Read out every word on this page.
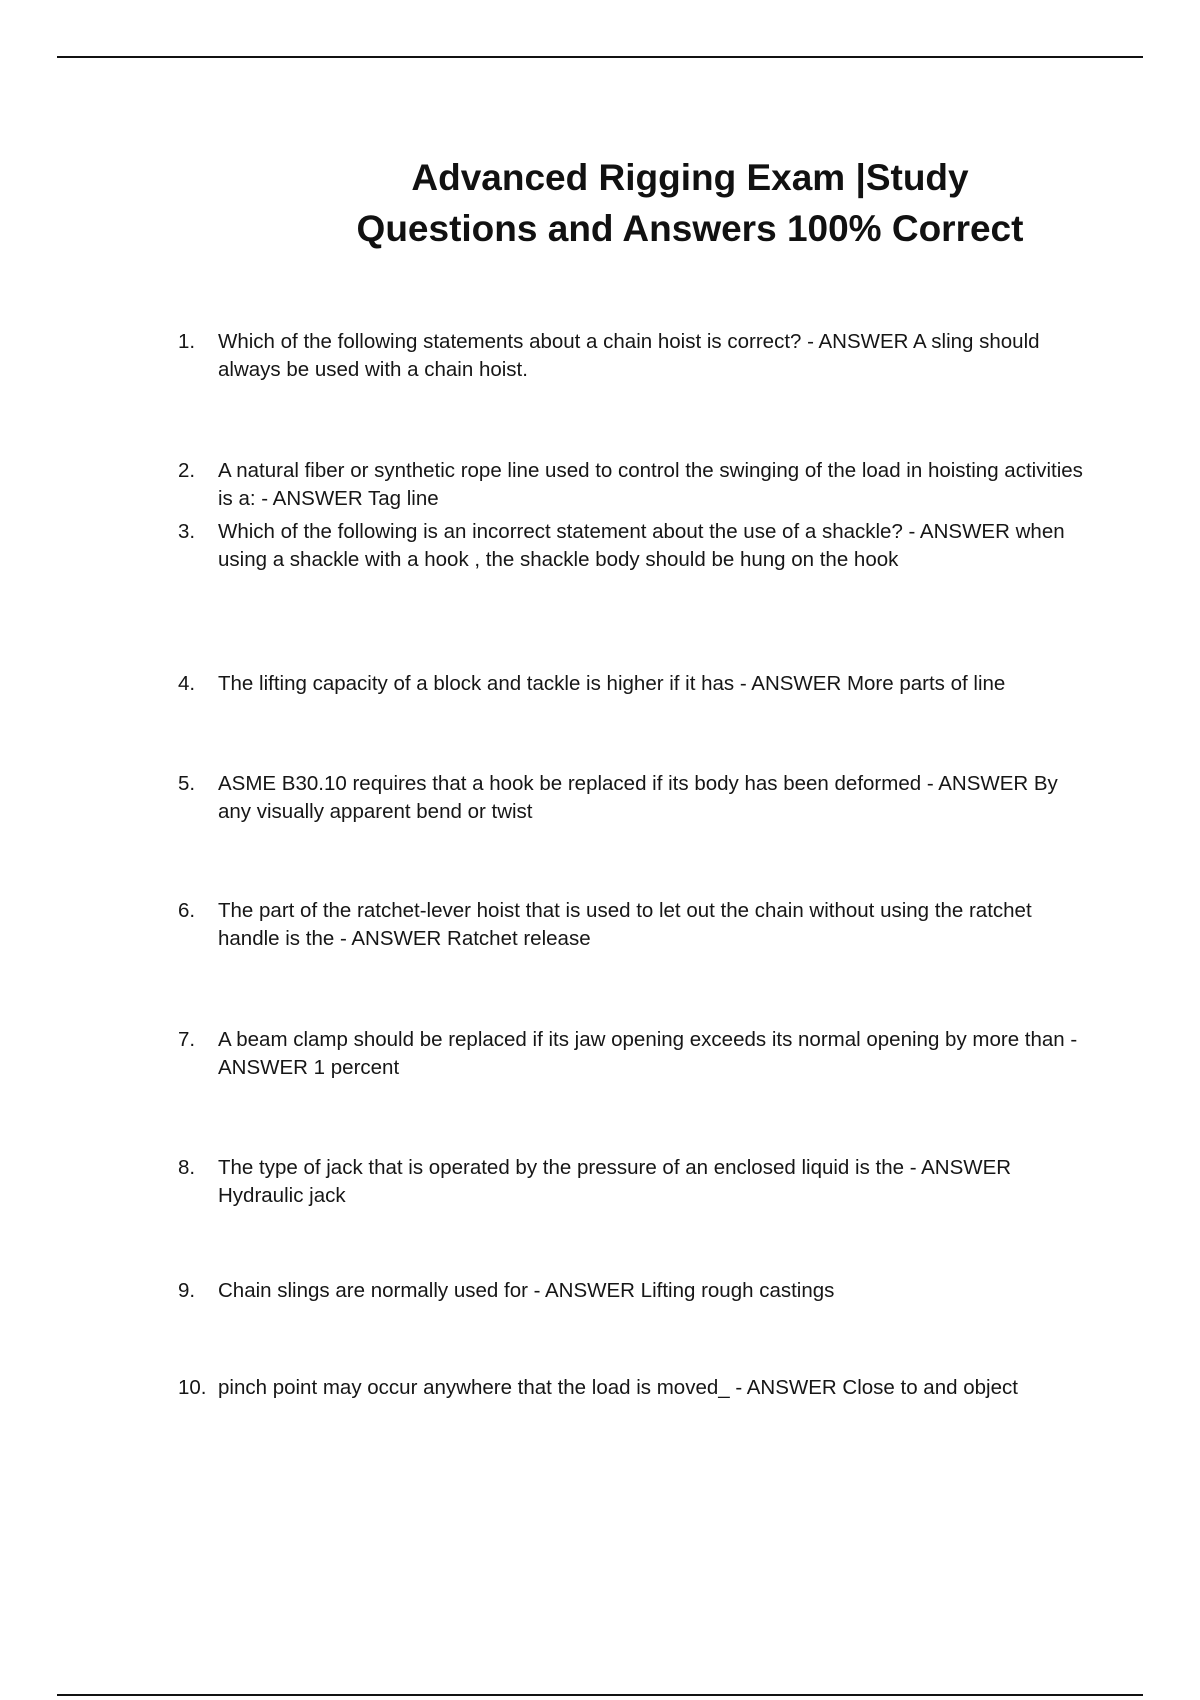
Advanced Rigging Exam |Study
Questions and Answers 100% Correct
1.	Which of the following statements about a chain hoist is correct? - ANSWER A sling should always be used with a chain hoist.
2.	A natural fiber or synthetic rope line used to control the swinging of the load in hoisting activities is a: - ANSWER Tag line
3.	Which of the following is an incorrect statement about the use of a shackle? - ANSWER when using a shackle with a hook , the shackle body should be hung on the hook
4.	The lifting capacity of a block and tackle is higher if it has - ANSWER More parts of line
5.	ASME B30.10 requires that a hook be replaced if its body has been deformed - ANSWER By any visually apparent bend or twist
6.	The part of the ratchet-lever hoist that is used to let out the chain without using the ratchet handle is the - ANSWER Ratchet release
7.	A beam clamp should be replaced if its jaw opening exceeds its normal opening by more than - ANSWER 1 percent
8.	The type of jack that is operated by the pressure of an enclosed liquid is the - ANSWER Hydraulic jack
9.	Chain slings are normally used for - ANSWER Lifting rough castings
10. pinch point may occur anywhere that the load is moved_ - ANSWER Close to and object
